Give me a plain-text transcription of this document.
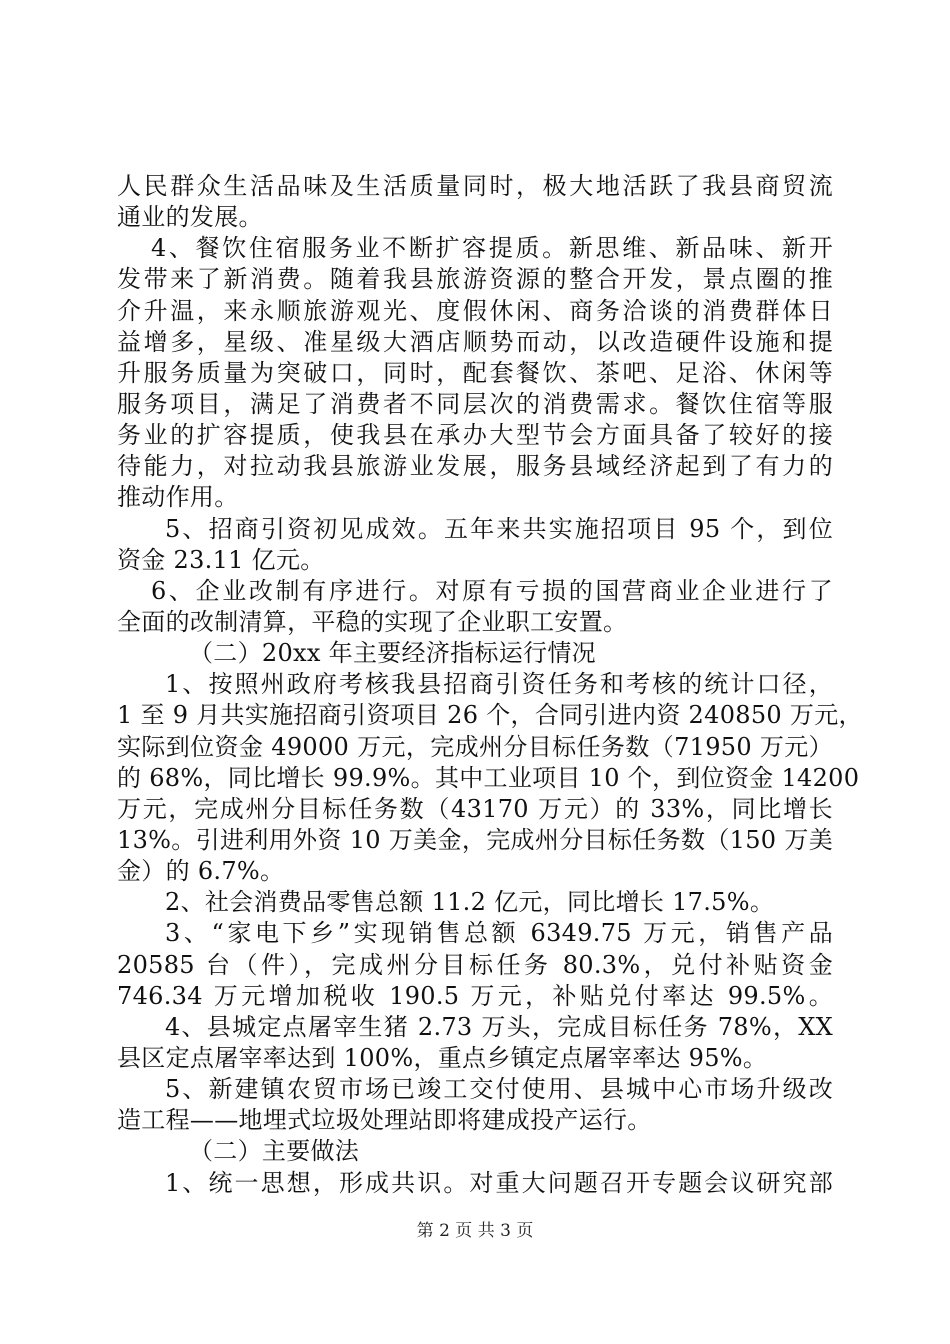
人民群众生活品味及生活质量同时，极大地活跃了我县商贸流
通业的发展。
4、餐饮住宿服务业不断扩容提质。新思维、新品味、新开
发带来了新消费。随着我县旅游资源的整合开发，景点圈的推
介升温，来永顺旅游观光、度假休闲、商务洽谈的消费群体日
益增多，星级、准星级大酒店顺势而动，以改造硬件设施和提
升服务质量为突破口，同时，配套餐饮、茶吧、足浴、休闲等
服务项目，满足了消费者不同层次的消费需求。餐饮住宿等服
务业的扩容提质，使我县在承办大型节会方面具备了较好的接
待能力，对拉动我县旅游业发展，服务县域经济起到了有力的
推动作用。
5、招商引资初见成效。五年来共实施招项目 95 个，到位
资金 23.11 亿元。
6、企业改制有序进行。对原有亏损的国营商业企业进行了
全面的改制清算，平稳的实现了企业职工安置。
（二）20xx 年主要经济指标运行情况
1、按照州政府考核我县招商引资任务和考核的统计口径，
1 至 9 月共实施招商引资项目 26 个，合同引进内资 240850 万元，
实际到位资金 49000 万元，完成州分目标任务数（71950 万元）
的 68%，同比增长 99.9%。其中工业项目 10 个，到位资金 14200
万元，完成州分目标任务数（43170 万元）的 33%，同比增长
13%。引进利用外资 10 万美金，完成州分目标任务数（150 万美
金）的 6.7%。
2、社会消费品零售总额 11.2 亿元，同比增长 17.5%。
3、“家电下乡”实现销售总额 6349.75 万元，销售产品
20585 台（件），完成州分目标任务 80.3%，兑付补贴资金
746.34 万元增加税收 190.5 万元，补贴兑付率达 99.5%。
4、县城定点屠宰生猪 2.73 万头，完成目标任务 78%，XX
县区定点屠宰率达到 100%，重点乡镇定点屠宰率达 95%。
5、新建镇农贸市场已竣工交付使用、县城中心市场升级改
造工程——地埋式垃圾处理站即将建成投产运行。
（二）主要做法
1、统一思想，形成共识。对重大问题召开专题会议研究部
第 2 页 共 3 页
